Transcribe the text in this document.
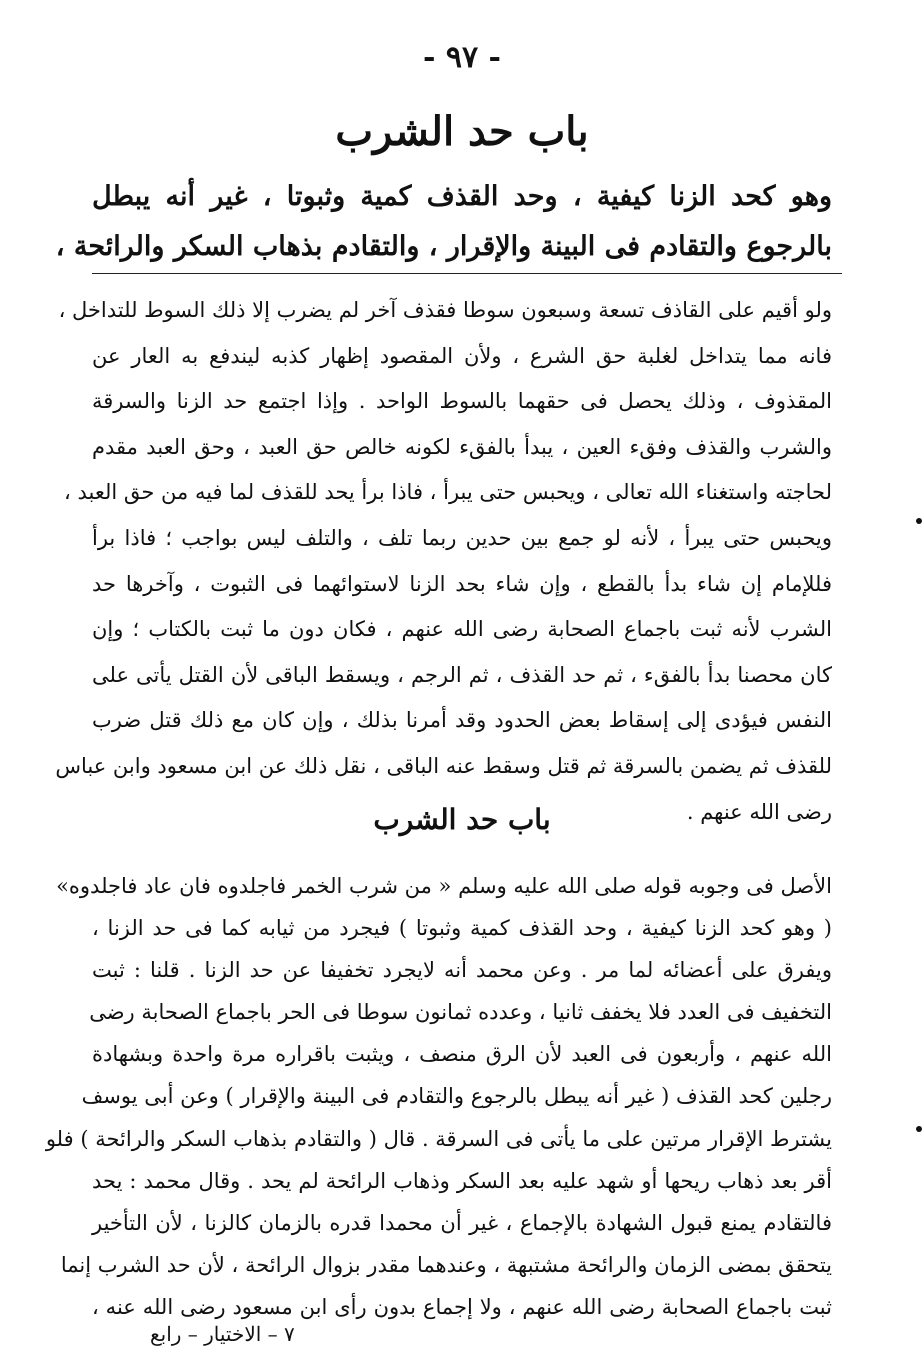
- ٩٧ -
باب حد الشرب
وهو كحد الزنا كيفية ، وحد القذف كمية وثبوتا ، غير أنه يبطل
بالرجوع والتقادم فى البينة والإقرار ، والتقادم بذهاب السكر والرائحة ،
ولو أقيم على القاذف تسعة وسبعون سوطا فقذف آخر لم يضرب إلا ذلك السوط للتداخل ،
فانه مما يتداخل لغلبة حق الشرع ، ولأن المقصود إظهار كذبه ليندفع به العار عن
المقذوف ، وذلك يحصل فى حقهما بالسوط الواحد . وإذا اجتمع حد الزنا والسرقة
والشرب والقذف وفقء العين ، يبدأ بالفقء لكونه خالص حق العبد ، وحق العبد مقدم
لحاجته واستغناء الله تعالى ، ويحبس حتى يبرأ ، فاذا برأ يحد للقذف لما فيه من حق العبد ،
ويحبس حتى يبرأ ، لأنه لو جمع بين حدين ربما تلف ، والتلف ليس بواجب ؛ فاذا برأ
فللإمام إن شاء بدأ بالقطع ، وإن شاء بحد الزنا لاستوائهما فى الثبوت ، وآخرها حد
الشرب لأنه ثبت باجماع الصحابة رضى الله عنهم ، فكان دون ما ثبت بالكتاب ؛ وإن
كان محصنا بدأ بالفقء ، ثم حد القذف ، ثم الرجم ، ويسقط الباقى لأن القتل يأتى على
النفس فيؤدى إلى إسقاط بعض الحدود وقد أمرنا بذلك ، وإن كان مع ذلك قتل ضرب
للقذف ثم يضمن بالسرقة ثم قتل وسقط عنه الباقى ، نقل ذلك عن ابن مسعود وابن عباس
رضى الله عنهم .
باب حد الشرب
الأصل فى وجوبه قوله صلى الله عليه وسلم « من شرب الخمر فاجلدوه فان عاد فاجلدوه»
( وهو كحد الزنا كيفية ، وحد القذف كمية وثبوتا ) فيجرد من ثيابه كما فى حد الزنا ،
ويفرق على أعضائه لما مر . وعن محمد أنه لايجرد تخفيفا عن حد الزنا . قلنا : ثبت
التخفيف فى العدد فلا يخفف ثانيا ، وعدده ثمانون سوطا فى الحر باجماع الصحابة رضى
الله عنهم ، وأربعون فى العبد لأن الرق منصف ، ويثبت باقراره مرة واحدة وبشهادة
رجلين كحد القذف ( غير أنه يبطل بالرجوع والتقادم فى البينة والإقرار ) وعن أبى يوسف
يشترط الإقرار مرتين على ما يأتى فى السرقة . قال ( والتقادم بذهاب السكر والرائحة ) فلو
أقر بعد ذهاب ريحها أو شهد عليه بعد السكر وذهاب الرائحة لم يحد . وقال محمد : يحد
فالتقادم يمنع قبول الشهادة بالإجماع ، غير أن محمدا قدره بالزمان كالزنا ، لأن التأخير
يتحقق بمضى الزمان والرائحة مشتبهة ، وعندهما مقدر بزوال الرائحة ، لأن حد الشرب إنما
ثبت باجماع الصحابة رضى الله عنهم ، ولا إجماع بدون رأى ابن مسعود رضى الله عنه ،
٧ – الاختيار – رابع
